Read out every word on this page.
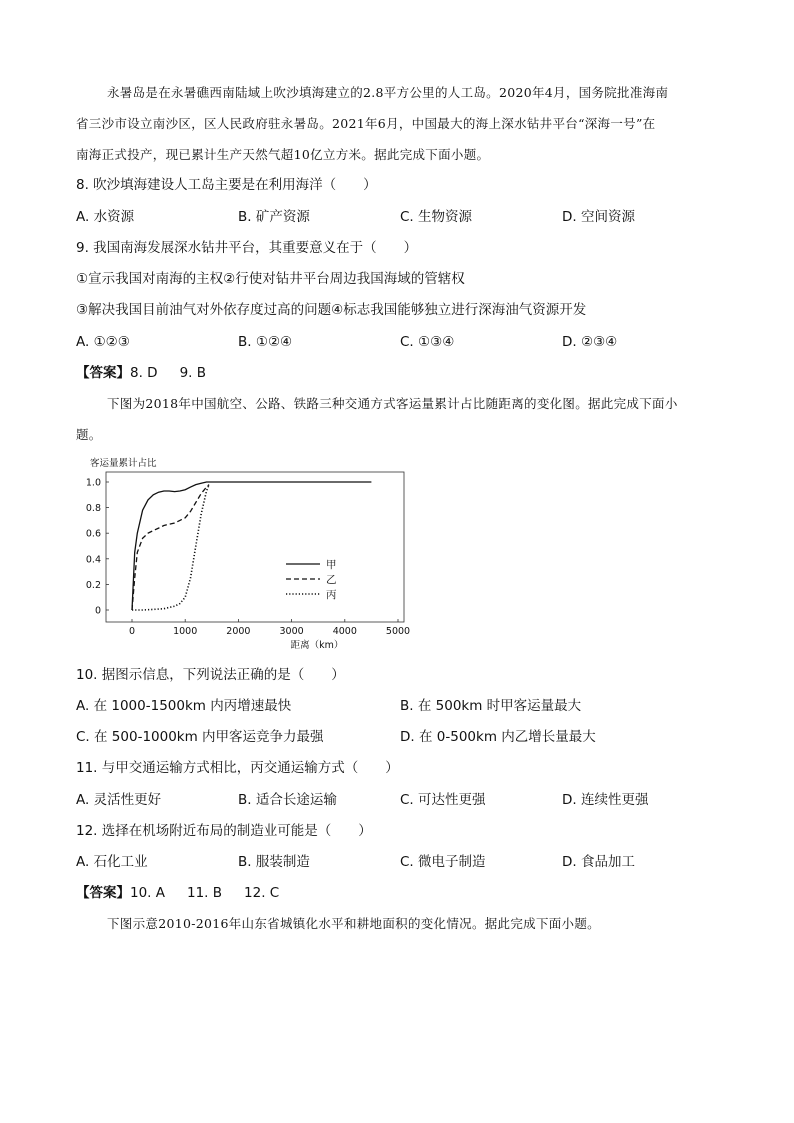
永暑岛是在永暑礁西南陆域上吹沙填海建立的2.8平方公里的人工岛。2020年4月，国务院批准海南
省三沙市设立南沙区，区人民政府驻永暑岛。2021年6月，中国最大的海上深水钻井平台“深海一号”在
南海正式投产，现已累计生产天然气超10亿立方米。据此完成下面小题。
8. 吹沙填海建设人工岛主要是在利用海洋（　　）
A. 水资源	B. 矿产资源	C. 生物资源	D. 空间资源
9. 我国南海发展深水钻井平台，其重要意义在于（　　）
①宣示我国对南海的主权②行使对钻井平台周边我国海域的管辖权
③解决我国目前油气对外依存度过高的问题④标志我国能够独立进行深海油气资源开发
A. ①②③	B. ①②④	C. ①③④	D. ②③④
【答案】8. D 9. B
下图为2018年中国航空、公路、铁路三种交通方式客运量累计占比随距离的变化图。据此完成下面小
题。
客运量累计占比
0
0.2
0.4
0.6
0.8
1.0
0	1000	2000	3000	4000	5000
甲
乙
丙
距离（km）
10. 据图示信息，下列说法正确的是（　　）
A. 在 1000-1500km 内丙增速最快	B. 在 500km 时甲客运量最大
C. 在 500-1000km 内甲客运竞争力最强	D. 在 0-500km 内乙增长量最大
11. 与甲交通运输方式相比，丙交通运输方式（　　）
A. 灵活性更好	B. 适合长途运输	C. 可达性更强	D. 连续性更强
12. 选择在机场附近布局的制造业可能是（　　）
A. 石化工业	B. 服装制造	C. 微电子制造	D. 食品加工
【答案】10. A 11. B 12. C
下图示意2010-2016年山东省城镇化水平和耕地面积的变化情况。据此完成下面小题。
